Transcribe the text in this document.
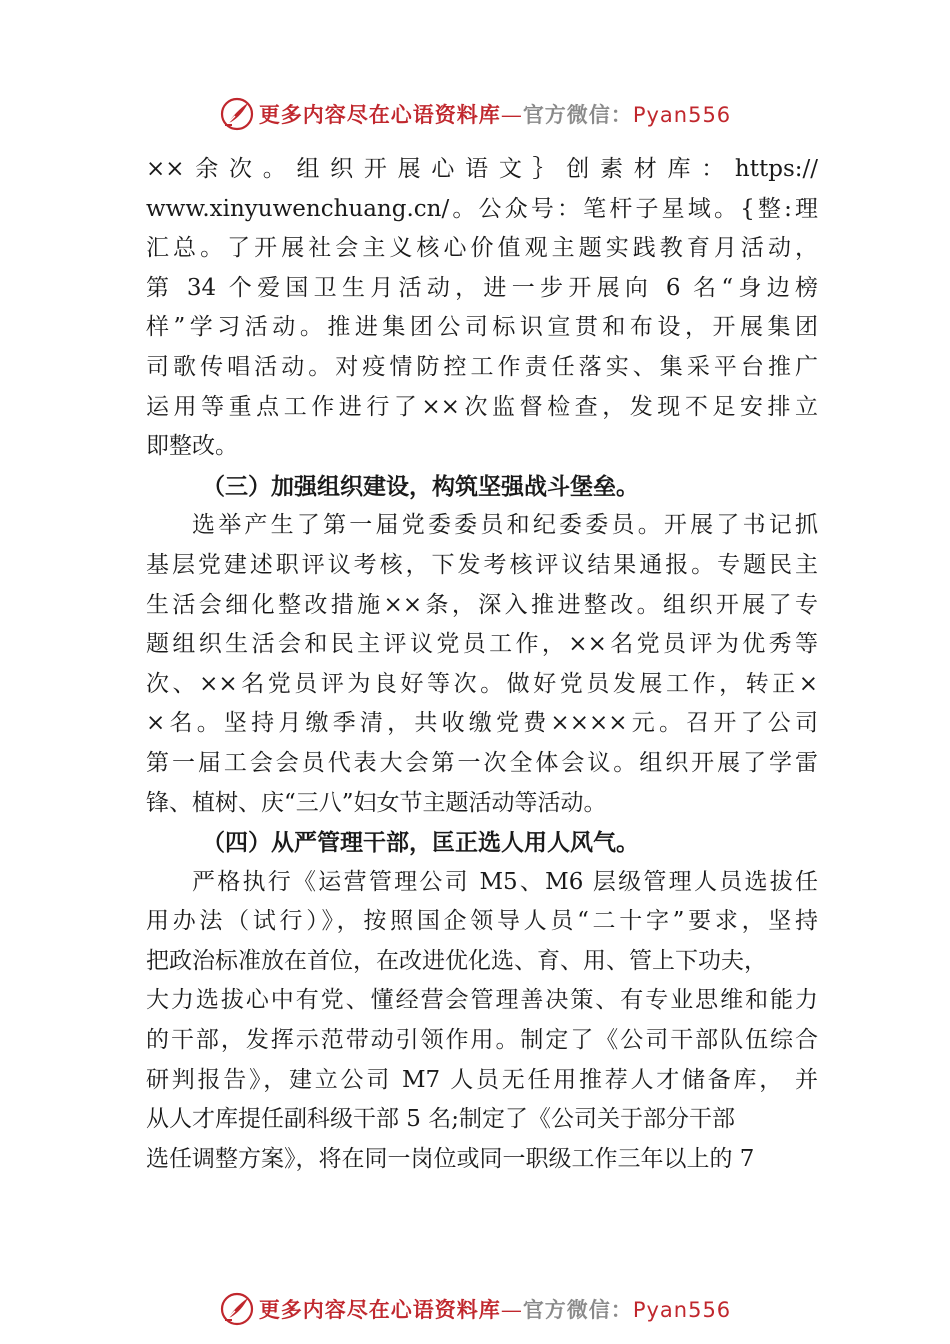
更多内容尽在心语资料库—官方微信：Pyan556
××余次。组织开展心语文｝创素材库：https://
www.xinyuwenchuang.cn/。公众号：笔杆子星域。{整:理
汇总。了开展社会主义核心价值观主题实践教育月活动，
第 34 个爱国卫生月活动，进一步开展向 6 名“身边榜
样”学习活动。推进集团公司标识宣贯和布设，开展集团
司歌传唱活动。对疫情防控工作责任落实、集采平台推广
运用等重点工作进行了××次监督检查，发现不足安排立
即整改。
（三）加强组织建设，构筑坚强战斗堡垒。
选举产生了第一届党委委员和纪委委员。开展了书记抓
基层党建述职评议考核，下发考核评议结果通报。专题民主
生活会细化整改措施××条，深入推进整改。组织开展了专
题组织生活会和民主评议党员工作，××名党员评为优秀等
次、××名党员评为良好等次。做好党员发展工作，转正×
×名。坚持月缴季清，共收缴党费××××元。召开了公司
第一届工会会员代表大会第一次全体会议。组织开展了学雷
锋、植树、庆“三八”妇女节主题活动等活动。
（四）从严管理干部，匡正选人用人风气。
严格执行《运营管理公司 M5、M6 层级管理人员选拔任
用办法（试行）》，按照国企领导人员“二十字”要求，坚持
把政治标准放在首位，在改进优化选、育、用、管上下功夫，
大力选拔心中有党、懂经营会管理善决策、有专业思维和能力
的干部，发挥示范带动引领作用。制定了《公司干部队伍综合
研判报告》，建立公司 M7 人员无任用推荐人才储备库， 并
从人才库提任副科级干部 5 名;制定了《公司关于部分干部
选任调整方案》，将在同一岗位或同一职级工作三年以上的 7
更多内容尽在心语资料库—官方微信：Pyan556
